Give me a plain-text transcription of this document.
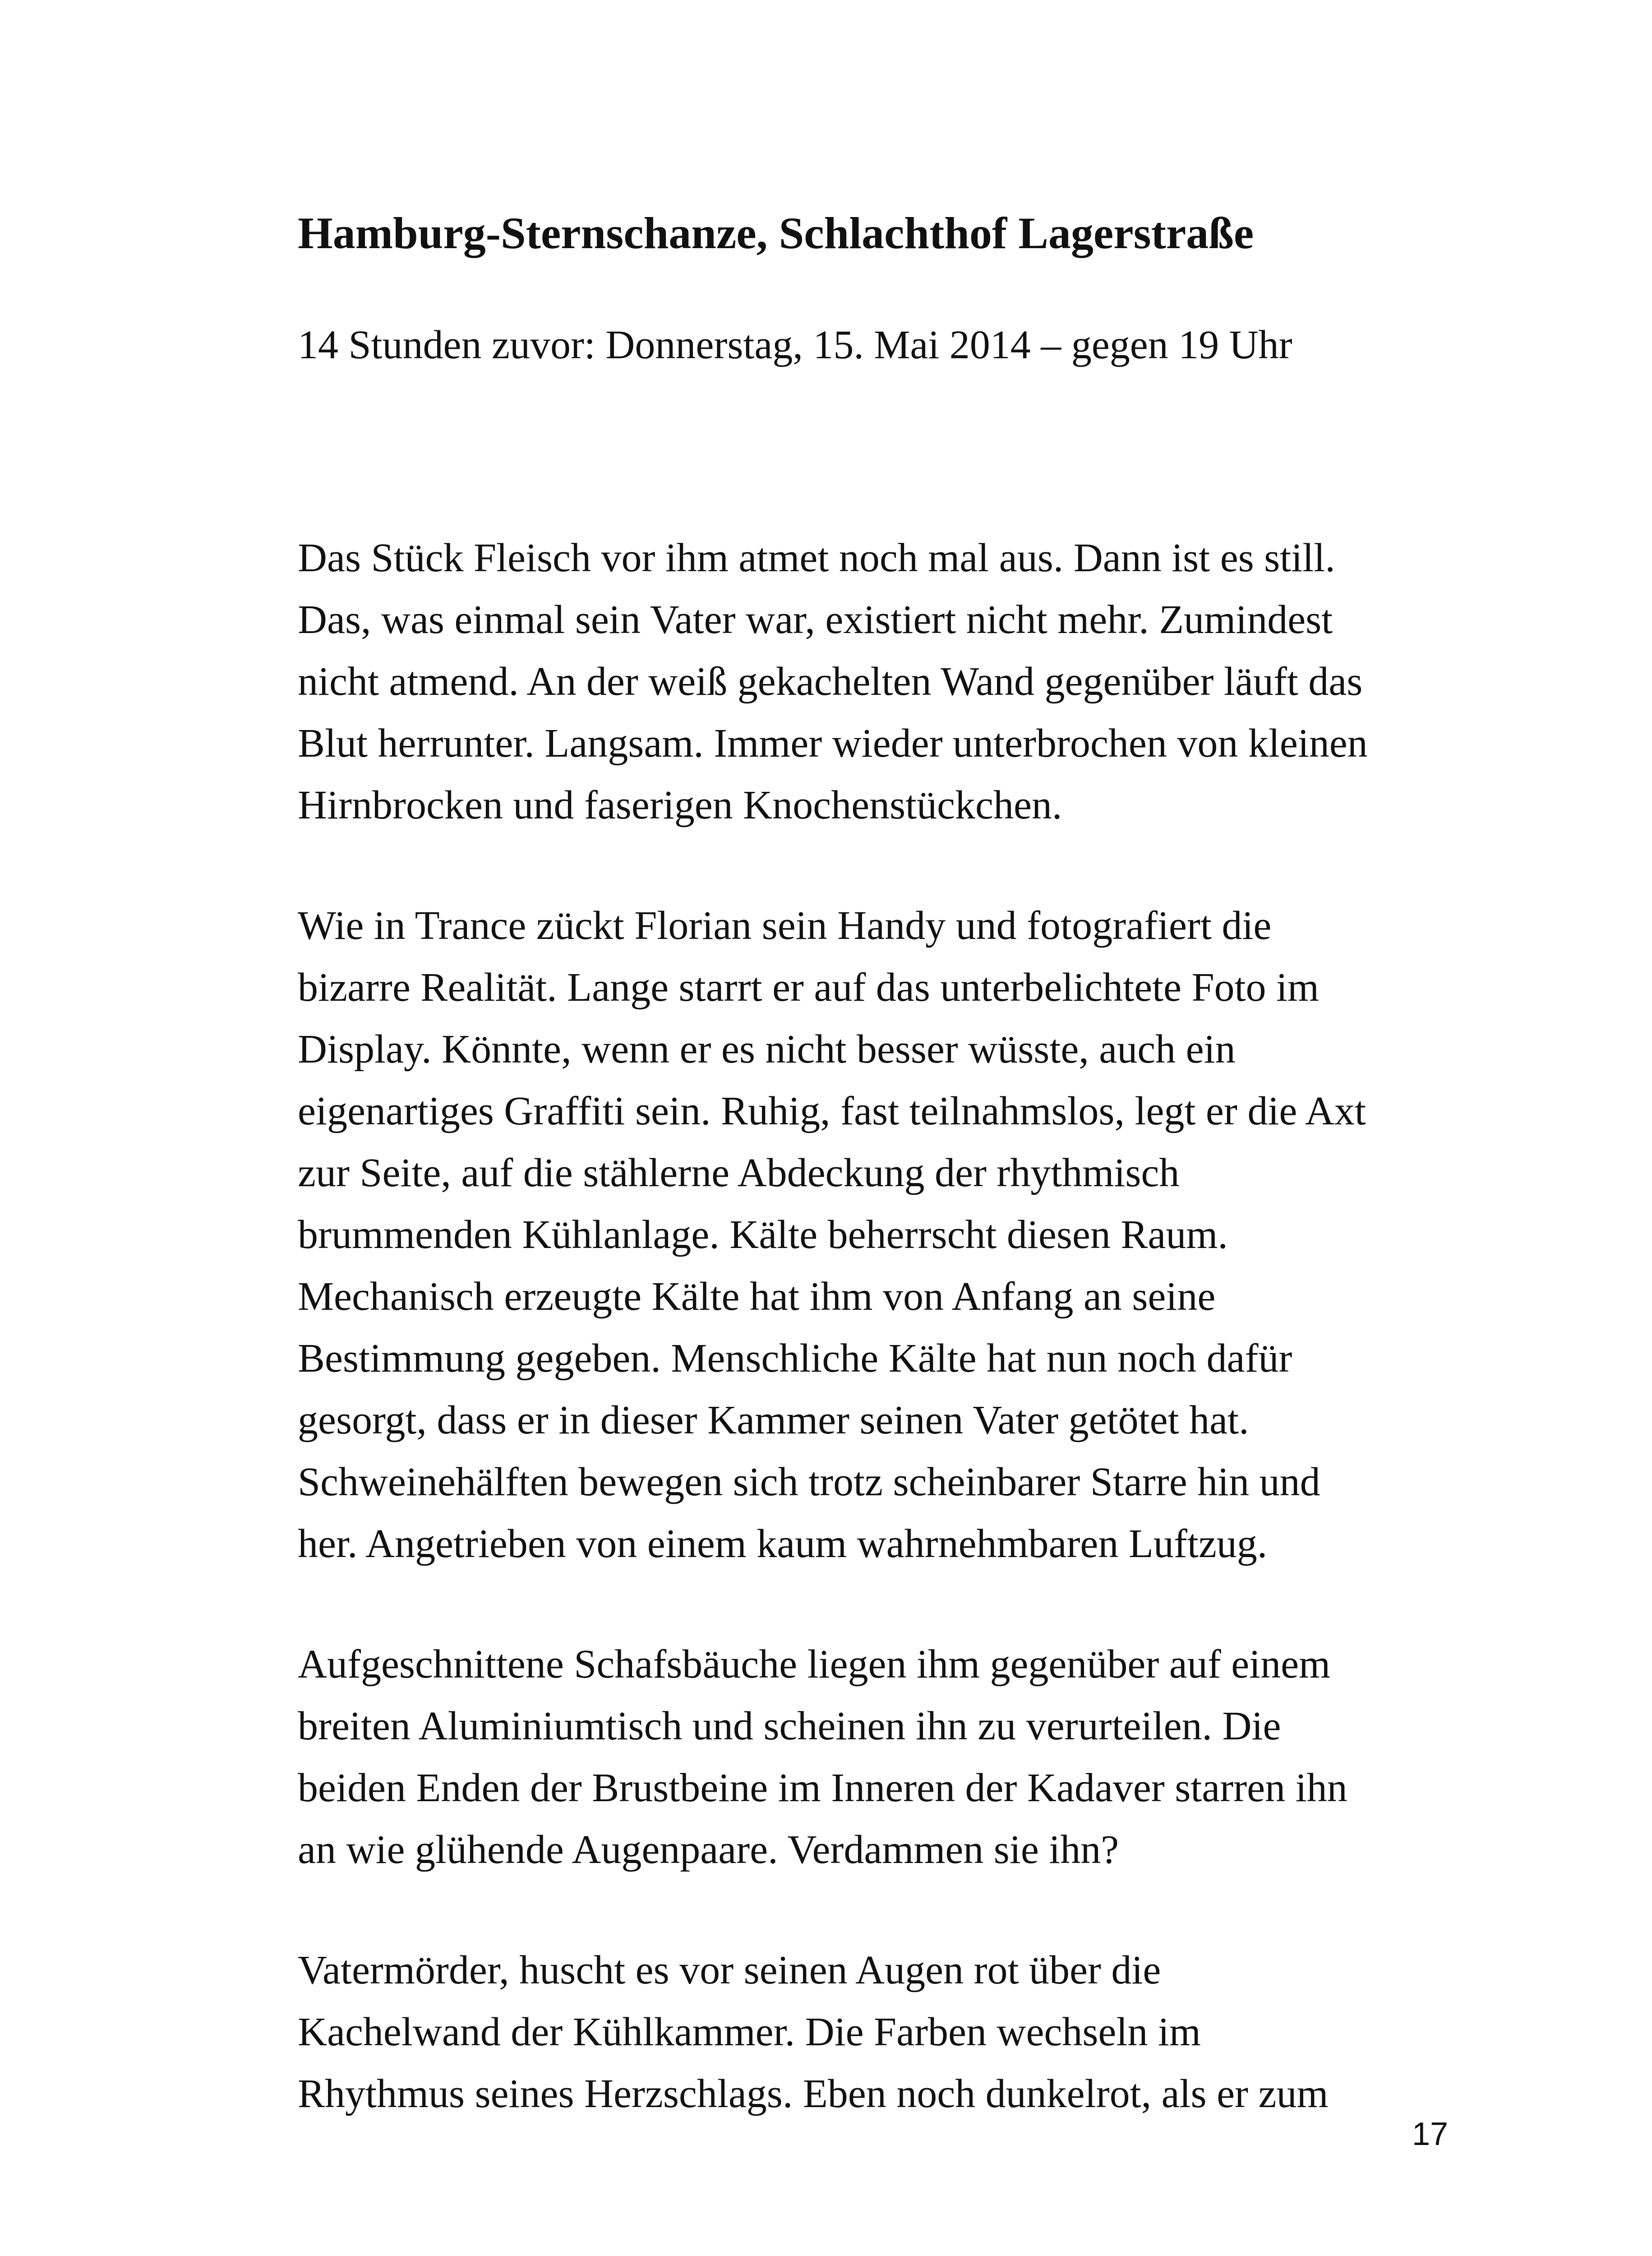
Hamburg-Sternschanze, Schlachthof Lagerstraße
14 Stunden zuvor: Donnerstag, 15. Mai 2014 – gegen 19 Uhr

Das Stück Fleisch vor ihm atmet noch mal aus. Dann ist es still.
Das, was einmal sein Vater war, existiert nicht mehr. Zumindest
nicht atmend. An der weiß gekachelten Wand gegenüber läuft das
Blut herrunter. Langsam. Immer wieder unterbrochen von kleinen
Hirnbrocken und faserigen Knochenstückchen.

Wie in Trance zückt Florian sein Handy und fotografiert die
bizarre Realität. Lange starrt er auf das unterbelichtete Foto im
Display. Könnte, wenn er es nicht besser wüsste, auch ein
eigenartiges Graffiti sein. Ruhig, fast teilnahmslos, legt er die Axt
zur Seite, auf die stählerne Abdeckung der rhythmisch
brummenden Kühlanlage. Kälte beherrscht diesen Raum.
Mechanisch erzeugte Kälte hat ihm von Anfang an seine
Bestimmung gegeben. Menschliche Kälte hat nun noch dafür
gesorgt, dass er in dieser Kammer seinen Vater getötet hat.
Schweinehälften bewegen sich trotz scheinbarer Starre hin und
her. Angetrieben von einem kaum wahrnehmbaren Luftzug.

Aufgeschnittene Schafsbäuche liegen ihm gegenüber auf einem
breiten Aluminiumtisch und scheinen ihn zu verurteilen. Die
beiden Enden der Brustbeine im Inneren der Kadaver starren ihn
an wie glühende Augenpaare. Verdammen sie ihn?

Vatermörder, huscht es vor seinen Augen rot über die
Kachelwand der Kühlkammer. Die Farben wechseln im
Rhythmus seines Herzschlags. Eben noch dunkelrot, als er zum

17
